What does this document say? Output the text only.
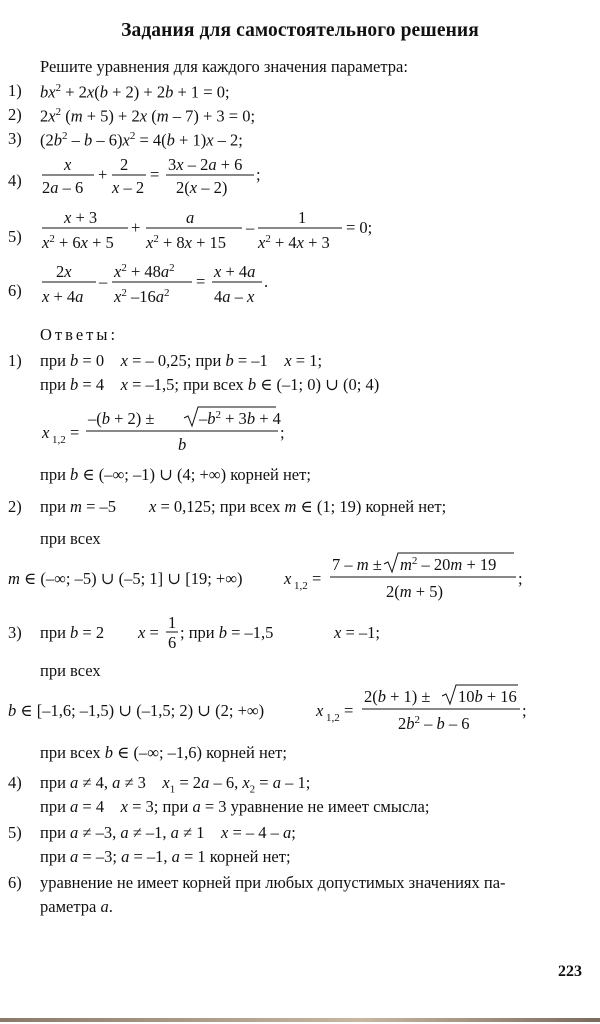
Задания для самостоятельного решения
Решите уравнения для каждого значения параметра:
1)	$bx^2 + 2x(b + 2) + 2b + 1 = 0$;
2)	$2x^2$ (m + 5) + 2x (m – 7) + 3 = 0;
3)	$(2b^2 - b - 6)x^2 = 4(b + 1)x - 2$;
4)
x
2a – 6
+
2
x – 2
=
3x – 2a + 6
2(x – 2)
;
5)
x + 3
$x^2 + 6x + 5$
+
a
$x^2 + 8x + 15$
–
1
$x^2 + 4x + 3$
= 0;
6)
2x
x + 4a
–
$x^2 + 48a^2$
$x^2$ $-16a^2$
=
x + 4a
4a – x
.
Ответы:
1)	при b = 0    x = – 0,25; при b = –1    x = 1;
при b = 4    x = –1,5; при всех b ∈ (–1; 0) ∪ (0; 4)
x 1,2 =
–(b + 2) ±	$-b^2 + 3b + 4$
b
;
при b ∈ (–∞; –1) ∪ (4; +∞) корней нет;
2)	при m = –5        x = 0,125; при всех m ∈ (1; 19) корней нет;
при всех
m ∈ (–∞; –5) ∪ (–5; 1] ∪ [19; +∞)	x 1,2 =
$7 - m \pm m^2 - 20m + 19$
2(m + 5)
;
3)	при b = 2 x =
1
6
; при b = –1,5	x = –1;
при всех
b ∈ [–1,6; –1,5) ∪ (–1,5; 2) ∪ (2; +∞)	x 1,2 =
2(b + 1) ± 10b + 16
$2b^2$ – b – 6
;
при всех b ∈ (–∞; –1,6) корней нет;
4)	при a ≠ 4, a ≠ 3    $x_1 = 2a - 6$, $x_2 = a - 1$;
при a = 4    x = 3; при a = 3 уравнение не имеет смысла;
5)	при a ≠ –3, a ≠ –1, a ≠ 1    x = – 4 – a;
при a = –3; a = –1, a = 1 корней нет;
6)	уравнение не имеет корней при любых допустимых значениях па-
раметра a.
223
